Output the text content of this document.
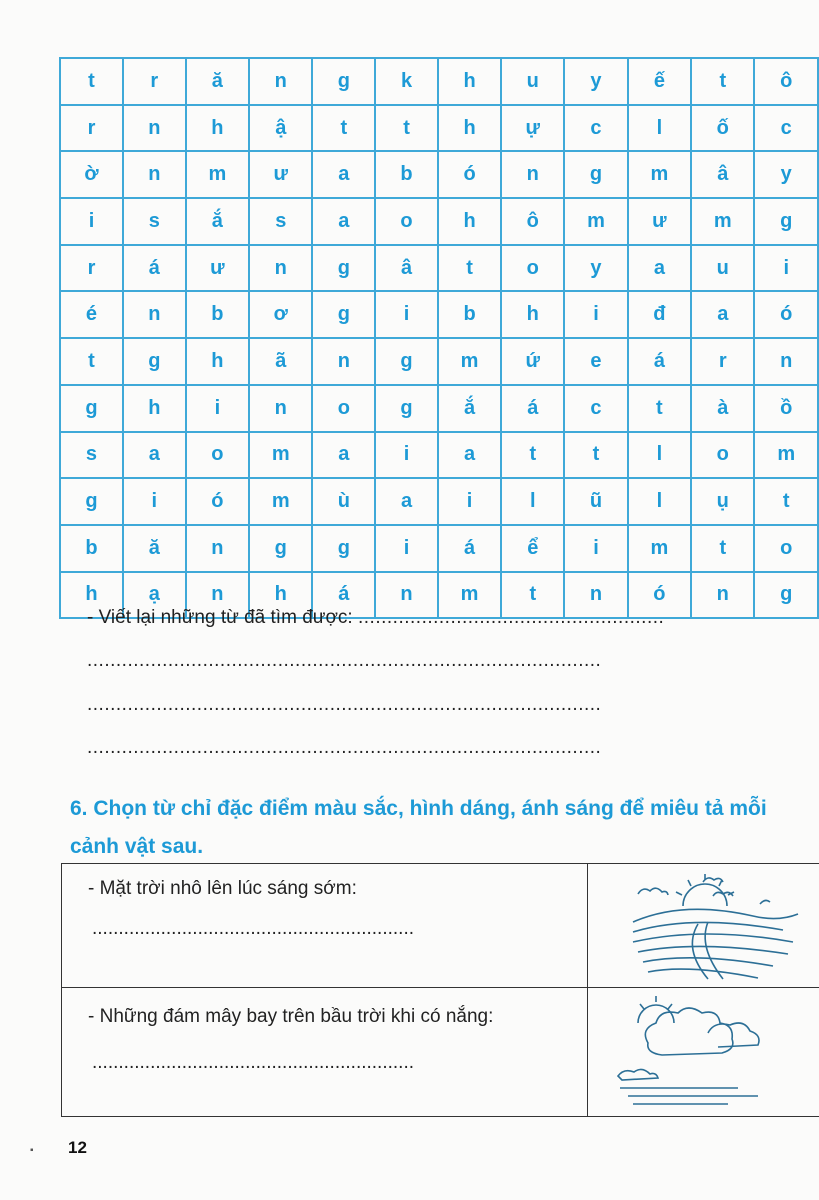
t	r	ă	n	g	k	h	u	y	ế	t	ô
r	n	h	ậ	t	t	h	ự	c	l	ố	c
ờ	n	m	ư	a	b	ó	n	g	m	â	y
i	s	ắ	s	a	o	h	ô	m	ư	m	g
r	á	ư	n	g	â	t	o	y	a	u	i
é	n	b	ơ	g	i	b	h	i	đ	a	ó
t	g	h	ã	n	g	m	ứ	e	á	r	n
g	h	i	n	o	g	ắ	á	c	t	à	ồ
s	a	o	m	a	i	a	t	t	l	o	m
g	i	ó	m	ù	a	i	l	ũ	l	ụ	t
b	ă	n	g	g	i	á	ể	i	m	t	o
h	ạ	n	h	á	n	m	t	n	ó	n	g
- Viết lại những từ đã tìm được: .....................................................
.........................................................................................
.........................................................................................
.........................................................................................
6. Chọn từ chỉ đặc điểm màu sắc, hình dáng, ánh sáng để miêu tả mỗi cảnh vật sau.
- Mặt trời nhô lên lúc sáng sớm:
.............................................................

- Những đám mây bay trên bầu trời khi có nắng:
.............................................................

▪ 12
